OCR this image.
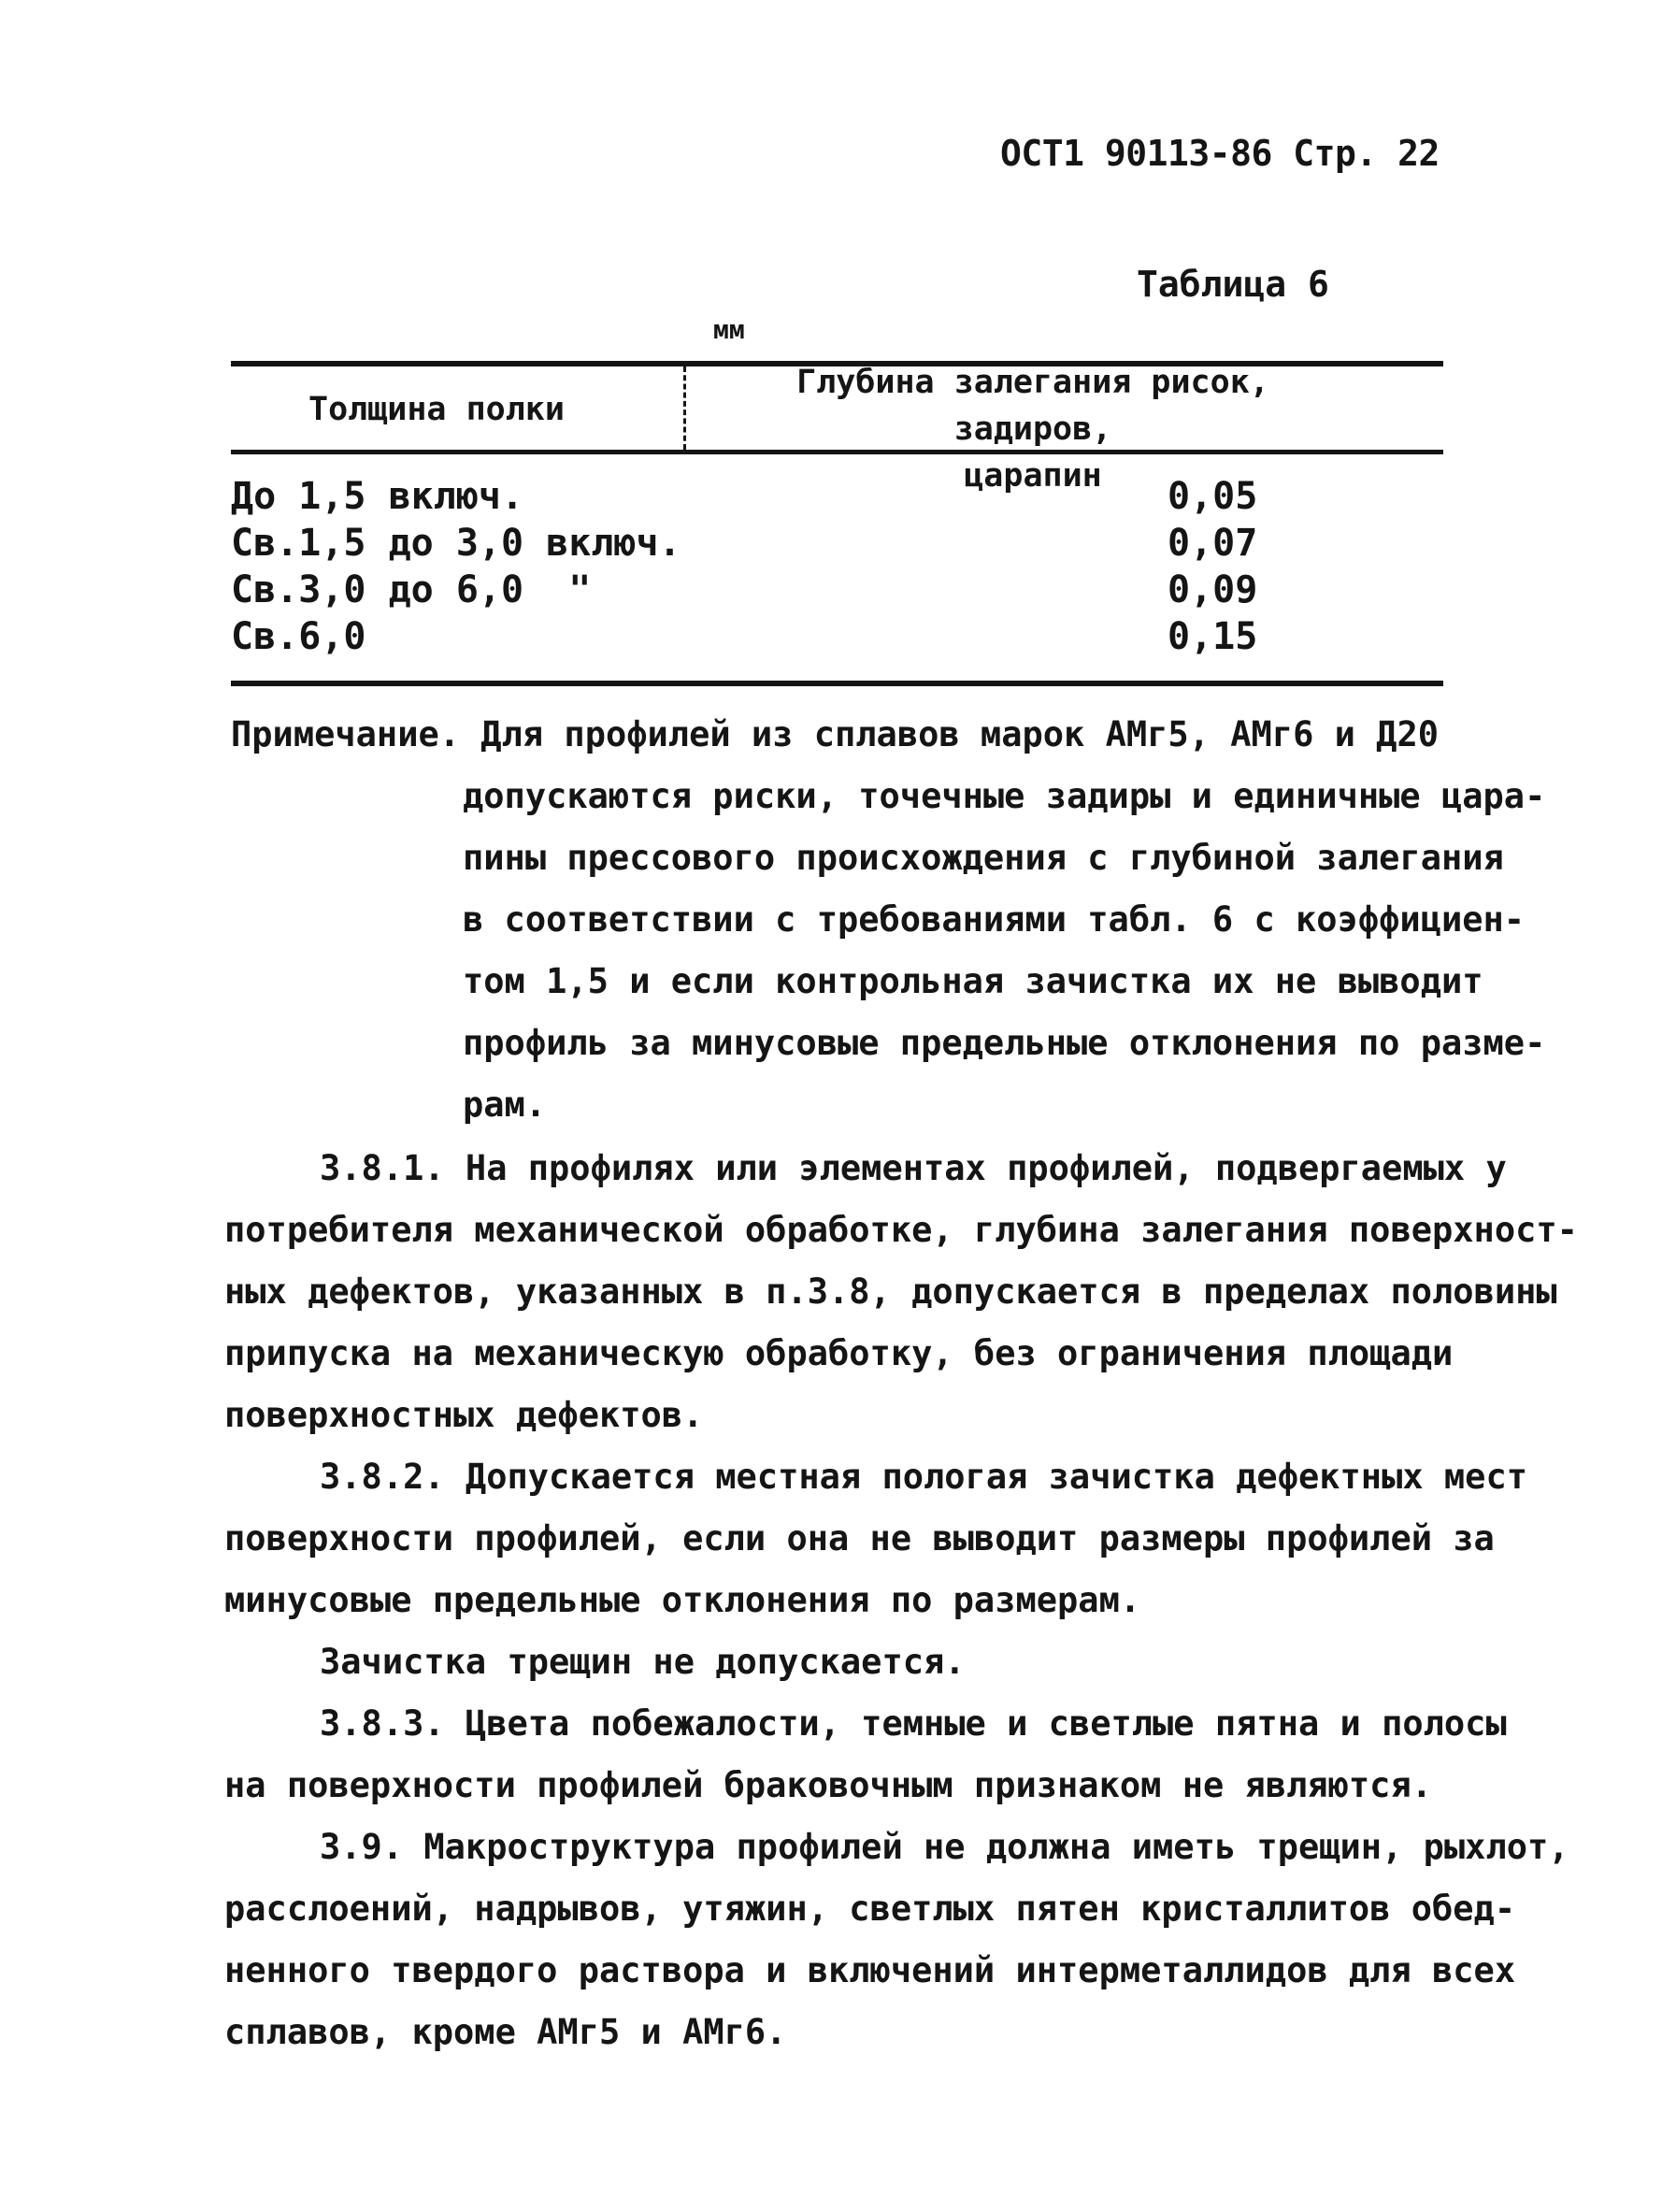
ОСТ1 90113-86 Стр. 22
Таблица 6
мм
Толщина полки
Глубина залегания рисок, задиров,
царапин
До 1,5 включ.	0,05
Св.1,5 до 3,0 включ.	0,07
Св.3,0 до 6,0  "	0,09
Св.6,0	0,15
Примечание. Для профилей из сплавов марок АМг5, АМг6 и Д20
допускаются риски, точечные задиры и единичные цара-
пины прессового происхождения с глубиной залегания
в соответствии с требованиями табл. 6 с коэффициен-
том 1,5 и если контрольная зачистка их не выводит
профиль за минусовые предельные отклонения по разме-
рам.
3.8.1. На профилях или элементах профилей, подвергаемых у
потребителя механической обработке, глубина залегания поверхност-
ных дефектов, указанных в п.3.8, допускается в пределах половины
припуска на механическую обработку, без ограничения площади
поверхностных дефектов.
3.8.2. Допускается местная пологая зачистка дефектных мест
поверхности профилей, если она не выводит размеры профилей за
минусовые предельные отклонения по размерам.
Зачистка трещин не допускается.
3.8.3. Цвета побежалости, темные и светлые пятна и полосы
на поверхности профилей браковочным признаком не являются.
3.9. Макроструктура профилей не должна иметь трещин, рыхлот,
расслоений, надрывов, утяжин, светлых пятен кристаллитов обед-
ненного твердого раствора и включений интерметаллидов для всех
сплавов, кроме АМг5 и АМг6.
